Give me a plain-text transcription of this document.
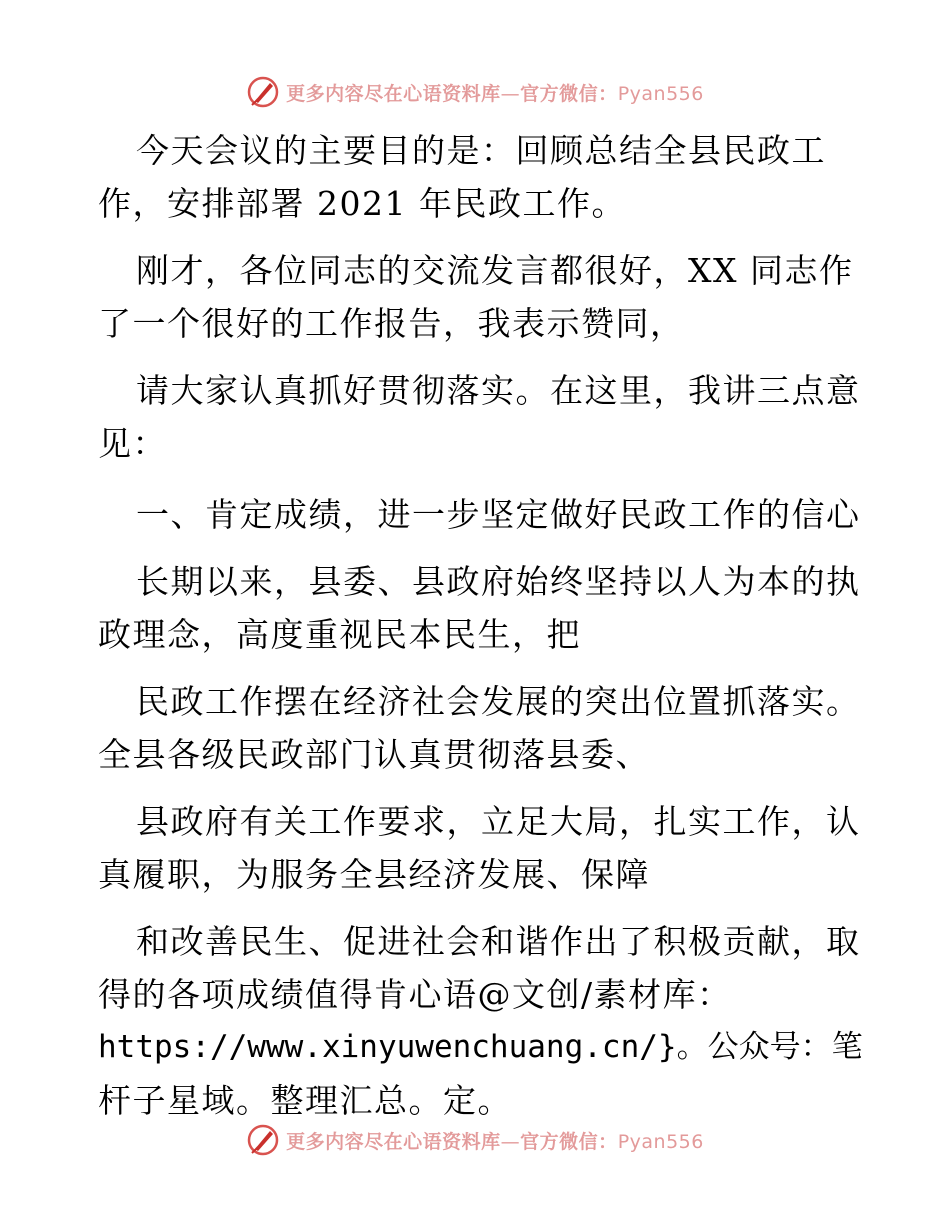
更多内容尽在心语资料库—官方微信：Pyan556
今天会议的主要目的是：回顾总结全县民政工
作，安排部署 2021 年民政工作。
刚才，各位同志的交流发言都很好，XX 同志作
了一个很好的工作报告，我表示赞同，
请大家认真抓好贯彻落实。在这里，我讲三点意
见：
一、肯定成绩，进一步坚定做好民政工作的信心
长期以来，县委、县政府始终坚持以人为本的执
政理念，高度重视民本民生，把
民政工作摆在经济社会发展的突出位置抓落实。
全县各级民政部门认真贯彻落县委、
县政府有关工作要求，立足大局，扎实工作，认
真履职，为服务全县经济发展、保障
和改善民生、促进社会和谐作出了积极贡献，取
得的各项成绩值得肯心语@文创/素材库：
https://www.xinyuwenchuang.cn/}。公众号：笔
杆子星域。整理汇总。定。
更多内容尽在心语资料库—官方微信：Pyan556
